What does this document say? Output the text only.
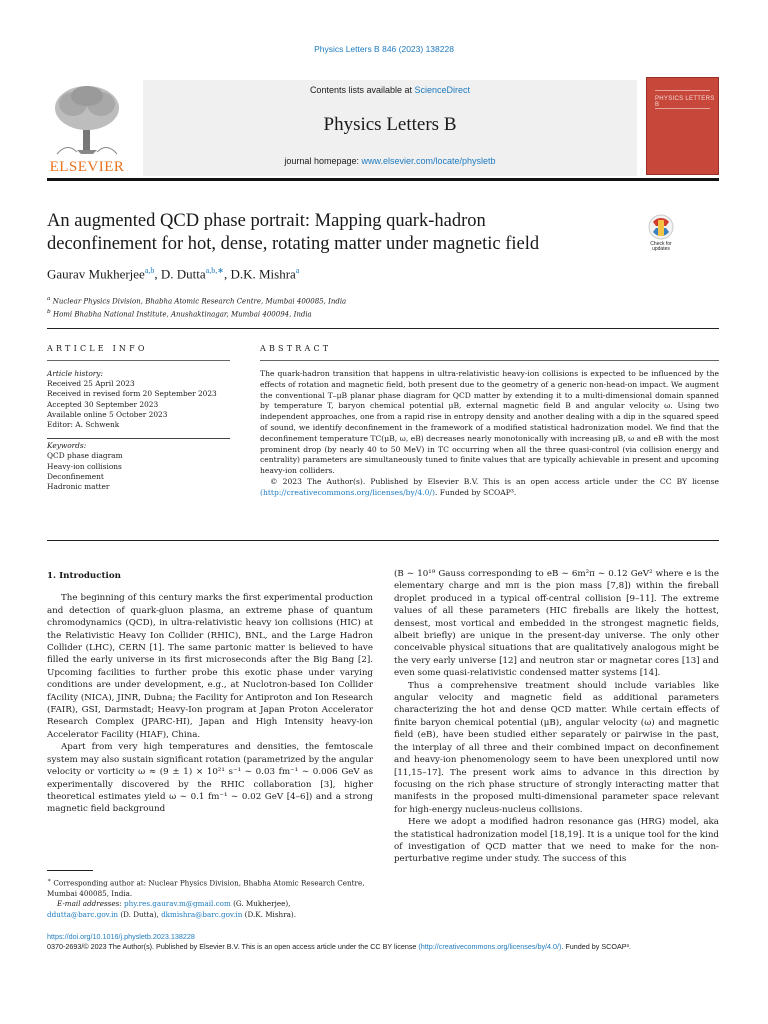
Physics Letters B 846 (2023) 138228
ELSEVIER
Contents lists available at ScienceDirect
Physics Letters B
journal homepage: www.elsevier.com/locate/physletb
PHYSICS LETTERS B
An augmented QCD phase portrait: Mapping quark-hadron
deconfinement for hot, dense, rotating matter under magnetic field	Check for updates
Gaurav Mukherjee$^{a,b}$, D. Dutta$^{a,b,∗}$, D.K. Mishra$^a$
$^a$ Nuclear Physics Division, Bhabha Atomic Research Centre, Mumbai 400085, India
$^b$ Homi Bhabha National Institute, Anushaktinagar, Mumbai 400094, India
ARTICLE INFO	ABSTRACT
Article history:
Received 25 April 2023
Received in revised form 20 September 2023
Accepted 30 September 2023
Available online 5 October 2023
Editor: A. Schwenk
Keywords:
QCD phase diagram
Heavy-ion collisions
Deconfinement
Hadronic matter

The quark-hadron transition that happens in ultra-relativistic heavy-ion collisions is expected to be influenced by the effects of rotation and magnetic field, both present due to the geometry of a generic non-head-on impact. We augment the conventional T–μB planar phase diagram for QCD matter by extending it to a multi-dimensional domain spanned by temperature T, baryon chemical potential μB, external magnetic field B and angular velocity ω. Using two independent approaches, one from a rapid rise in entropy density and another dealing with a dip in the squared speed of sound, we identify deconfinement in the framework of a modified statistical hadronization model. We find that the deconfinement temperature TC(μB, ω, eB) decreases nearly monotonically with increasing μB, ω and eB with the most prominent drop (by nearly 40 to 50 MeV) in TC occurring when all the three quasi-control (via collision energy and centrality) parameters are simultaneously tuned to finite values that are typically achievable in present and upcoming heavy-ion colliders.

© 2023 The Author(s). Published by Elsevier B.V. This is an open access article under the CC BY license (http://creativecommons.org/licenses/by/4.0/). Funded by SCOAP³.

1. Introduction

The beginning of this century marks the first experimental production and detection of quark-gluon plasma, an extreme phase of quantum chromodynamics (QCD), in ultra-relativistic heavy ion collisions (HIC) at the Relativistic Heavy Ion Collider (RHIC), BNL, and the Large Hadron Collider (LHC), CERN [1]. The same partonic matter is believed to have filled the early universe in its first microseconds after the Big Bang [2]. Upcoming facilities to further probe this exotic phase under varying conditions are under development, e.g., at Nuclotron-based Ion Collider fAcility (NICA), JINR, Dubna; the Facility for Antiproton and Ion Research (FAIR), GSI, Darmstadt; Heavy-Ion program at Japan Proton Accelerator Research Complex (JPARC-HI), Japan and High Intensity heavy-ion Accelerator Facility (HIAF), China.

Apart from very high temperatures and densities, the femtoscale system may also sustain significant rotation (parametrized by the angular velocity or vorticity ω ≈ (9 ± 1) × 10²¹ s⁻¹ ∼ 0.03 fm⁻¹ ∼ 0.006 GeV as experimentally discovered by the RHIC collaboration [3], higher theoretical estimates yield ω ∼ 0.1 fm⁻¹ ∼ 0.02 GeV [4–6]) and a strong magnetic field background

(B ∼ 10¹⁹ Gauss corresponding to eB ∼ 6m²π ∼ 0.12 GeV² where e is the elementary charge and mπ is the pion mass [7,8]) within the fireball droplet produced in a typical off-central collision [9–11]. The extreme values of all these parameters (HIC fireballs are likely the hottest, densest, most vortical and embedded in the strongest magnetic fields, albeit briefly) are unique in the present-day universe. The only other conceivable physical situations that are qualitatively analogous might be the very early universe [12] and neutron star or magnetar cores [13] and even some quasi-relativistic condensed matter systems [14].

Thus a comprehensive treatment should include variables like angular velocity and magnetic field as additional parameters characterizing the hot and dense QCD matter. While certain effects of finite baryon chemical potential (μB), angular velocity (ω) and magnetic field (eB), have been studied either separately or pairwise in the past, the interplay of all three and their combined impact on deconfinement and heavy-ion phenomenology seem to have been unexplored until now [11,15–17]. The present work aims to advance in this direction by focusing on the rich phase structure of strongly interacting matter that manifests in the proposed multi-dimensional parameter space relevant for high-energy nucleus-nucleus collisions.

Here we adopt a modified hadron resonance gas (HRG) model, aka the statistical hadronization model [18,19]. It is a unique tool for the kind of investigation of QCD matter that we need to make for the non-perturbative regime under study. The success of this

∗ Corresponding author at: Nuclear Physics Division, Bhabha Atomic Research Centre, Mumbai 400085, India.
E-mail addresses: phy.res.gaurav.m@gmail.com (G. Mukherjee),
ddutta@barc.gov.in (D. Dutta), dkmishra@barc.gov.in (D.K. Mishra).
https://doi.org/10.1016/j.physletb.2023.138228
0370-2693/© 2023 The Author(s). Published by Elsevier B.V. This is an open access article under the CC BY license (http://creativecommons.org/licenses/by/4.0/). Funded by SCOAP³.
